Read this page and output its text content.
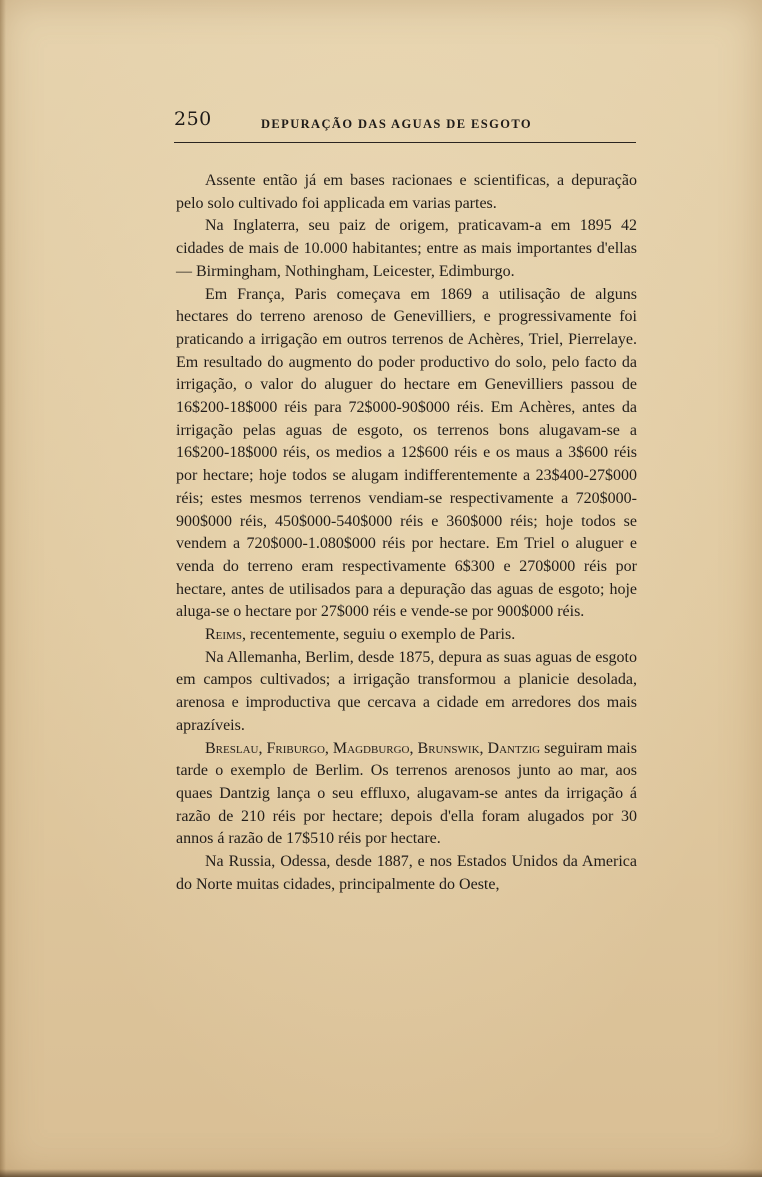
250	DEPURAÇÃO DAS AGUAS DE ESGOTO

Assente então já em bases racionaes e scientificas, a depuração pelo solo cultivado foi applicada em varias partes.

Na Inglaterra, seu paiz de origem, praticavam-a em 1895 42 cidades de mais de 10.000 habitantes; entre as mais importantes d'ellas — Birmingham, Nothingham, Leicester, Edimburgo.

Em França, Paris começava em 1869 a utilisação de alguns hectares do terreno arenoso de Genevilliers, e progressivamente foi praticando a irrigação em outros terrenos de Achères, Triel, Pierrelaye. Em resultado do augmento do poder productivo do solo, pelo facto da irrigação, o valor do aluguer do hectare em Genevilliers passou de 16$200-18$000 réis para 72$000-90$000 réis. Em Achères, antes da irrigação pelas aguas de esgoto, os terrenos bons alugavam-se a 16$200-18$000 réis, os medios a 12$600 réis e os maus a 3$600 réis por hectare; hoje todos se alugam indifferentemente a 23$400-27$000 réis; estes mesmos terrenos vendiam-se respectivamente a 720$000-900$000 réis, 450$000-540$000 réis e 360$000 réis; hoje todos se vendem a 720$000-1.080$000 réis por hectare. Em Triel o aluguer e venda do terreno eram respectivamente 6$300 e 270$000 réis por hectare, antes de utilisados para a depuração das aguas de esgoto; hoje aluga-se o hectare por 27$000 réis e vende-se por 900$000 réis.

Reims, recentemente, seguiu o exemplo de Paris.

Na Allemanha, Berlim, desde 1875, depura as suas aguas de esgoto em campos cultivados; a irrigação transformou a planicie desolada, arenosa e improductiva que cercava a cidade em arredores dos mais aprazíveis.

Breslau, Friburgo, Magdburgo, Brunswik, Dantzig seguiram mais tarde o exemplo de Berlim. Os terrenos arenosos junto ao mar, aos quaes Dantzig lança o seu effluxo, alugavam-se antes da irrigação á razão de 210 réis por hectare; depois d'ella foram alugados por 30 annos á razão de 17$510 réis por hectare.

Na Russia, Odessa, desde 1887, e nos Estados Unidos da America do Norte muitas cidades, principalmente do Oeste,
